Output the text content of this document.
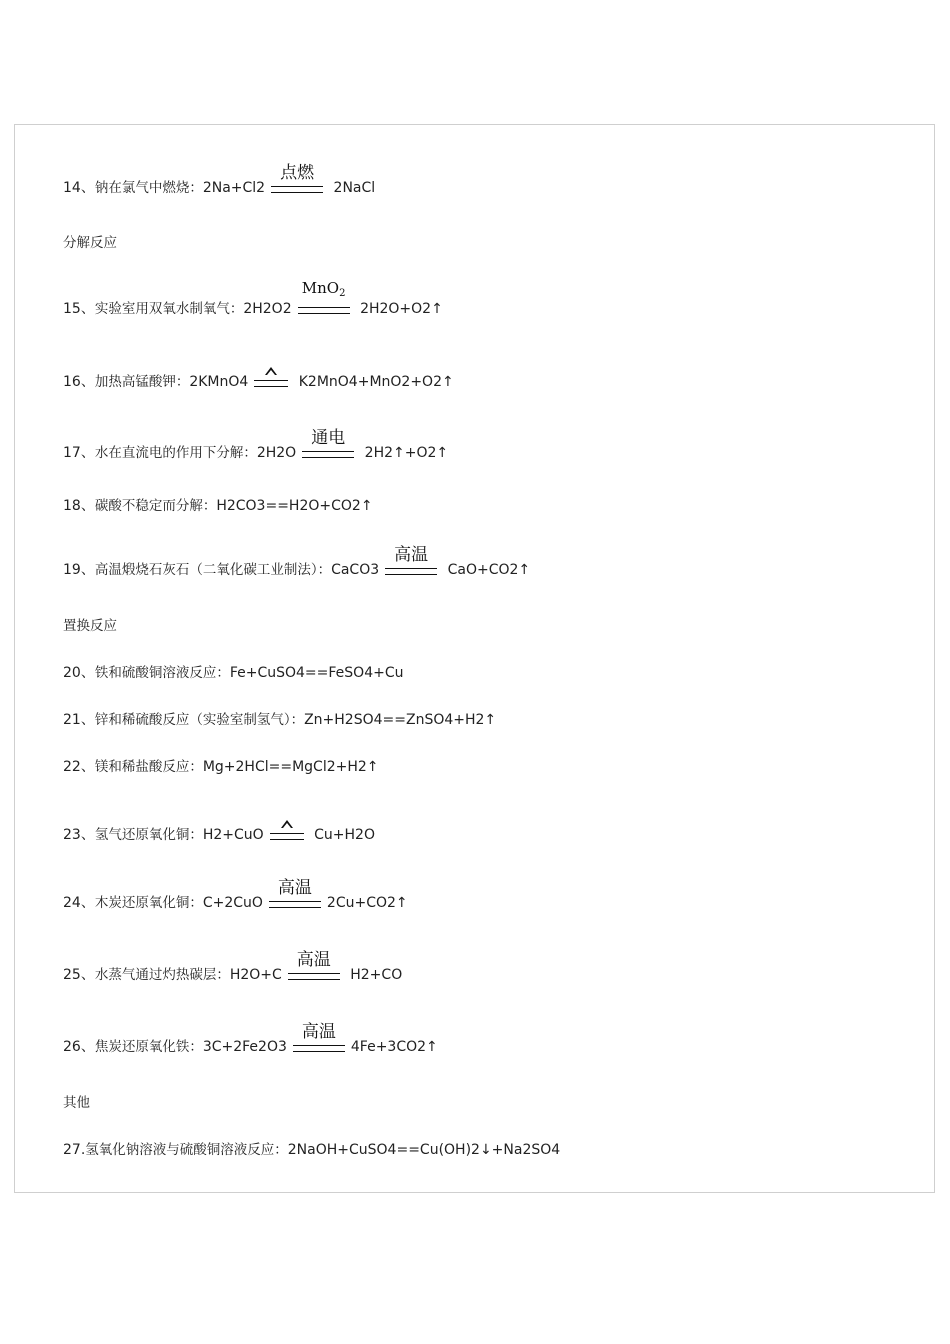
14、钠在氯气中燃烧：2Na+Cl2
点燃
2NaCl
分解反应
15、实验室用双氧水制氧气：2H2O2
MnO$_2$
2H2O+O2↑
16、加热高锰酸钾：2KMnO4	K2MnO4+MnO2+O2↑
17、水在直流电的作用下分解：2H2O
通电
2H2↑+O2↑
18、碳酸不稳定而分解：H2CO3==H2O+CO2↑
19、高温煅烧石灰石（二氧化碳工业制法）：CaCO3
高温
CaO+CO2↑
置换反应
20、铁和硫酸铜溶液反应：Fe+CuSO4==FeSO4+Cu
21、锌和稀硫酸反应（实验室制氢气）：Zn+H2SO4==ZnSO4+H2↑
22、镁和稀盐酸反应：Mg+2HCl==MgCl2+H2↑
23、氢气还原氧化铜：H2+CuO	Cu+H2O
24、木炭还原氧化铜：C+2CuO
高温
2Cu+CO2↑
25、水蒸气通过灼热碳层：H2O+C
高温
H2+CO
26、焦炭还原氧化铁：3C+2Fe2O3
高温
4Fe+3CO2↑
其他
27.氢氧化钠溶液与硫酸铜溶液反应：2NaOH+CuSO4==Cu(OH)2↓+Na2SO4
